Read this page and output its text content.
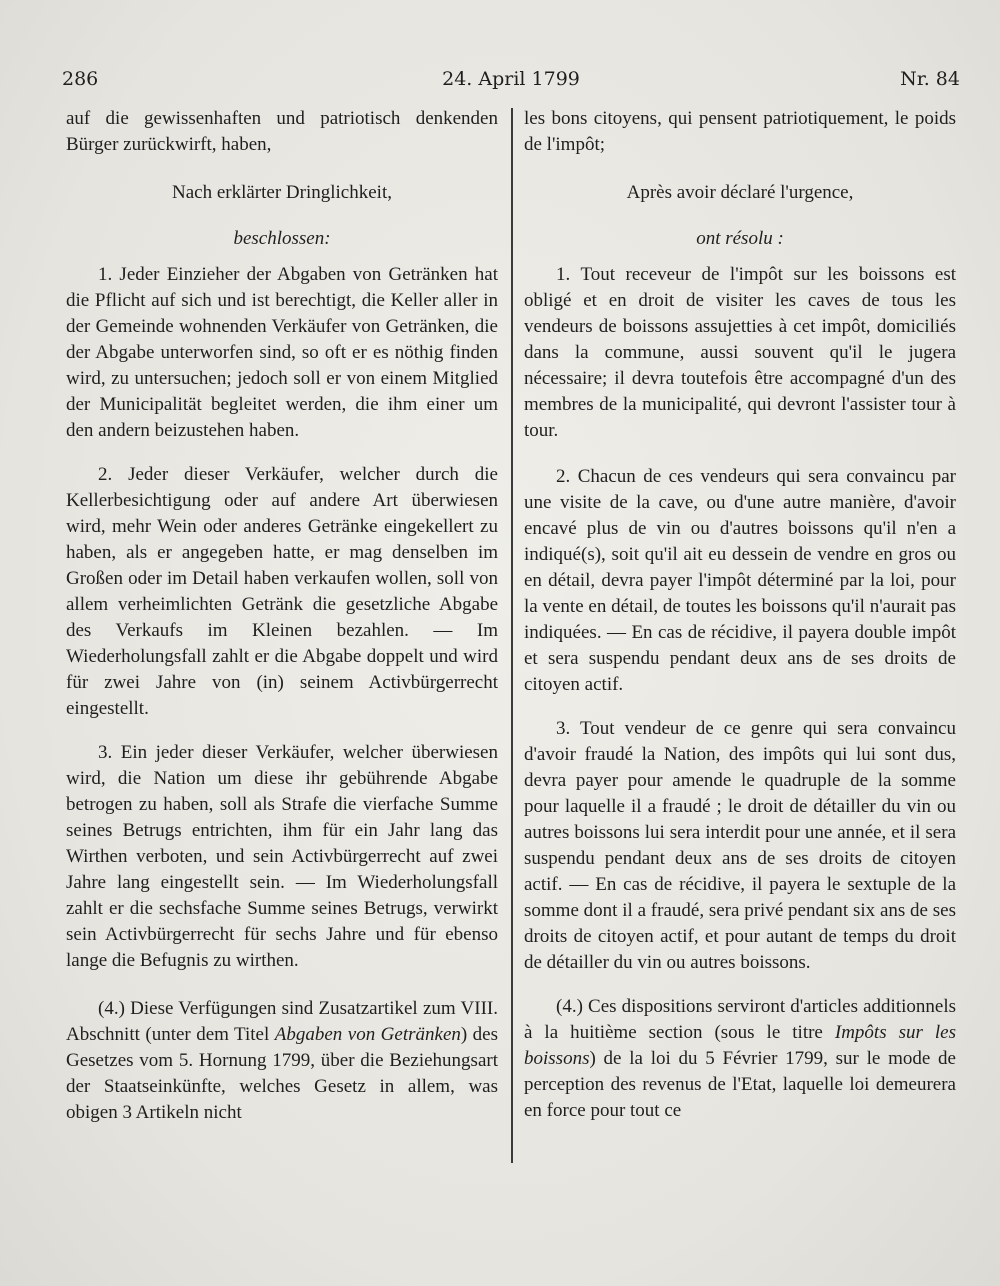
286	24. April 1799	Nr. 84

auf die gewissenhaften und patriotisch denkenden Bürger zurückwirft, haben,

Nach erklärter Dringlichkeit,

beschlossen:

1. Jeder Einzieher der Abgaben von Getränken hat die Pflicht auf sich und ist berechtigt, die Keller aller in der Gemeinde wohnenden Verkäufer von Getränken, die der Abgabe unterworfen sind, so oft er es nöthig finden wird, zu untersuchen; jedoch soll er von einem Mitglied der Municipalität begleitet werden, die ihm einer um den andern beizustehen haben.

2. Jeder dieser Verkäufer, welcher durch die Kellerbesichtigung oder auf andere Art überwiesen wird, mehr Wein oder anderes Getränke eingekellert zu haben, als er angegeben hatte, er mag denselben im Großen oder im Detail haben verkaufen wollen, soll von allem verheimlichten Getränk die gesetzliche Abgabe des Verkaufs im Kleinen bezahlen. — Im Wiederholungsfall zahlt er die Abgabe doppelt und wird für zwei Jahre von (in) seinem Activbürgerrecht eingestellt.

3. Ein jeder dieser Verkäufer, welcher überwiesen wird, die Nation um diese ihr gebührende Abgabe betrogen zu haben, soll als Strafe die vierfache Summe seines Betrugs entrichten, ihm für ein Jahr lang das Wirthen verboten, und sein Activbürgerrecht auf zwei Jahre lang eingestellt sein. — Im Wiederholungsfall zahlt er die sechsfache Summe seines Betrugs, verwirkt sein Activbürgerrecht für sechs Jahre und für ebenso lange die Befugnis zu wirthen.

(4.) Diese Verfügungen sind Zusatzartikel zum VIII. Abschnitt (unter dem Titel Abgaben von Getränken) des Gesetzes vom 5. Hornung 1799, über die Beziehungsart der Staatseinkünfte, welches Gesetz in allem, was obigen 3 Artikeln nicht

les bons citoyens, qui pensent patriotiquement, le poids de l'impôt;

Après avoir déclaré l'urgence,

ont résolu :

1. Tout receveur de l'impôt sur les boissons est obligé et en droit de visiter les caves de tous les vendeurs de boissons assujetties à cet impôt, domiciliés dans la commune, aussi souvent qu'il le jugera nécessaire; il devra toutefois être accompagné d'un des membres de la municipalité, qui devront l'assister tour à tour.

2. Chacun de ces vendeurs qui sera convaincu par une visite de la cave, ou d'une autre manière, d'avoir encavé plus de vin ou d'autres boissons qu'il n'en a indiqué(s), soit qu'il ait eu dessein de vendre en gros ou en détail, devra payer l'impôt déterminé par la loi, pour la vente en détail, de toutes les boissons qu'il n'aurait pas indiquées. — En cas de récidive, il payera double impôt et sera suspendu pendant deux ans de ses droits de citoyen actif.

3. Tout vendeur de ce genre qui sera convaincu d'avoir fraudé la Nation, des impôts qui lui sont dus, devra payer pour amende le quadruple de la somme pour laquelle il a fraudé ; le droit de détailler du vin ou autres boissons lui sera interdit pour une année, et il sera suspendu pendant deux ans de ses droits de citoyen actif. — En cas de récidive, il payera le sextuple de la somme dont il a fraudé, sera privé pendant six ans de ses droits de citoyen actif, et pour autant de temps du droit de détailler du vin ou autres boissons.

(4.) Ces dispositions serviront d'articles additionnels à la huitième section (sous le titre Impôts sur les boissons) de la loi du 5 Février 1799, sur le mode de perception des revenus de l'Etat, laquelle loi demeurera en force pour tout ce
